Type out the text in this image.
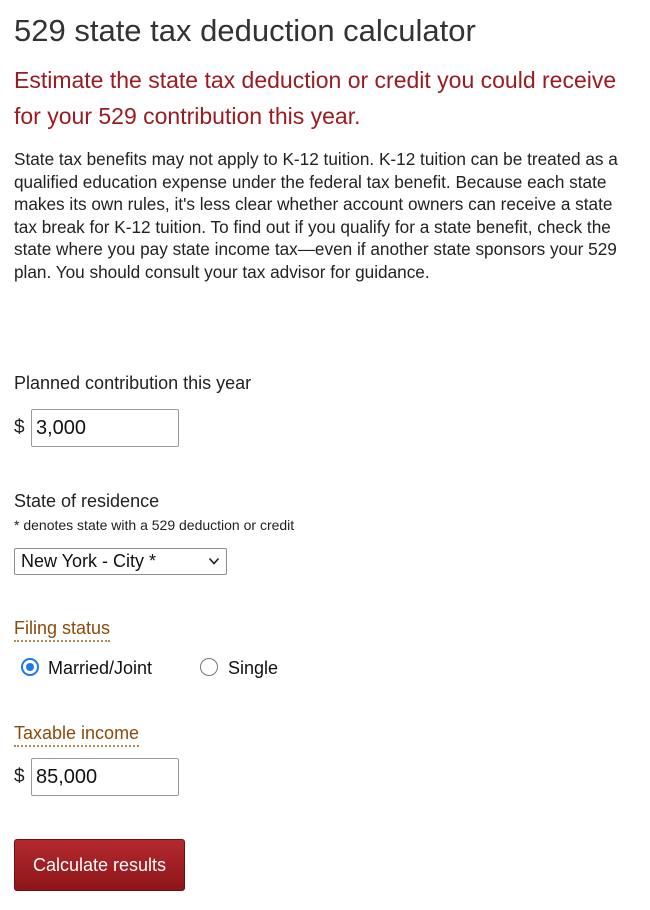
529 state tax deduction calculator
Estimate the state tax deduction or credit you could receive for your 529 contribution this year.

State tax benefits may not apply to K-12 tuition. K-12 tuition can be treated as a qualified education expense under the federal tax benefit. Because each state makes its own rules, it's less clear whether account owners can receive a state tax break for K-12 tuition. To find out if you qualify for a state benefit, check the state where you pay state income tax—even if another state sponsors your 529 plan. You should consult your tax advisor for guidance.

Planned contribution this year
$
3,000
State of residence
* denotes state with a 529 deduction or credit
New York - City *
Filing status
Married/Joint	Single
Taxable income
$
85,000
Calculate results
